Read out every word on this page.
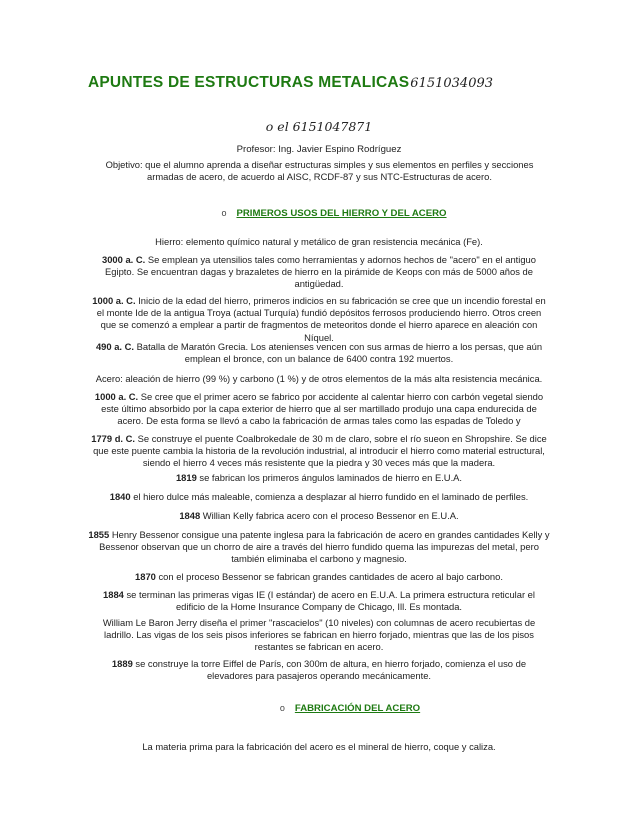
APUNTES DE ESTRUCTURAS METALICAS6151034093
o el 6151047871
Profesor: Ing. Javier Espino Rodríguez
Objetivo: que el alumno aprenda a diseñar estructuras simples y sus elementos en perfiles y secciones armadas de acero, de acuerdo al AISC, RCDF-87 y sus NTC-Estructuras de acero.
o PRIMEROS USOS DEL HIERRO Y DEL ACERO
Hierro: elemento químico natural y metálico de gran resistencia mecánica (Fe).
3000 a. C. Se emplean ya utensilios tales como herramientas y adornos hechos de "acero" en el antiguo Egipto. Se encuentran dagas y brazaletes de hierro en la pirámide de Keops con más de 5000 años de antigüedad.
1000 a. C. Inicio de la edad del hierro, primeros indicios en su fabricación se cree que un incendio forestal en el monte Ide de la antigua Troya (actual Turquía) fundió depósitos ferrosos produciendo hierro. Otros creen que se comenzó a emplear a partir de fragmentos de meteoritos donde el hierro aparece en aleación con Níquel.
490 a. C. Batalla de Maratón Grecia. Los atenienses vencen con sus armas de hierro a los persas, que aún emplean el bronce, con un balance de 6400 contra 192 muertos.
Acero: aleación de hierro (99 %) y carbono (1 %) y de otros elementos de la más alta resistencia mecánica.
1000 a. C. Se cree que el primer acero se fabrico por accidente al calentar hierro con carbón vegetal siendo este último absorbido por la capa exterior de hierro que al ser martillado produjo una capa endurecida de acero. De esta forma se llevó a cabo la fabricación de armas tales como las espadas de Toledo y
1779 d. C. Se construye el puente Coalbrokedale de 30 m de claro, sobre el río sueon en Shropshire. Se dice que este puente cambia la historia de la revolución industrial, al introducir el hierro como material estructural, siendo el hierro 4 veces más resistente que la piedra y 30 veces más que la madera.
1819 se fabrican los primeros ángulos laminados de hierro en E.U.A.
1840 el hiero dulce más maleable, comienza a desplazar al hierro fundido en el laminado de perfiles.
1848 Willian Kelly fabrica acero con el proceso Bessenor en E.U.A.
1855 Henry Bessenor consigue una patente inglesa para la fabricación de acero en grandes cantidades Kelly y Bessenor observan que un chorro de aire a través del hierro fundido quema las impurezas del metal, pero también eliminaba el carbono y magnesio.
1870 con el proceso Bessenor se fabrican grandes cantidades de acero al bajo carbono.
1884 se terminan las primeras vigas IE (I estándar) de acero en E.U.A. La primera estructura reticular el edificio de la Home Insurance Company de Chicago, Ill. Es montada.
William Le Baron Jerry diseña el primer "rascacielos" (10 niveles) con columnas de acero recubiertas de ladrillo. Las vigas de los seis pisos inferiores se fabrican en hierro forjado, mientras que las de los pisos restantes se fabrican en acero.
1889 se construye la torre Eiffel de París, con 300m de altura, en hierro forjado, comienza el uso de elevadores para pasajeros operando mecánicamente.
o FABRICACIÓN DEL ACERO
La materia prima para la fabricación del acero es el mineral de hierro, coque y caliza.
